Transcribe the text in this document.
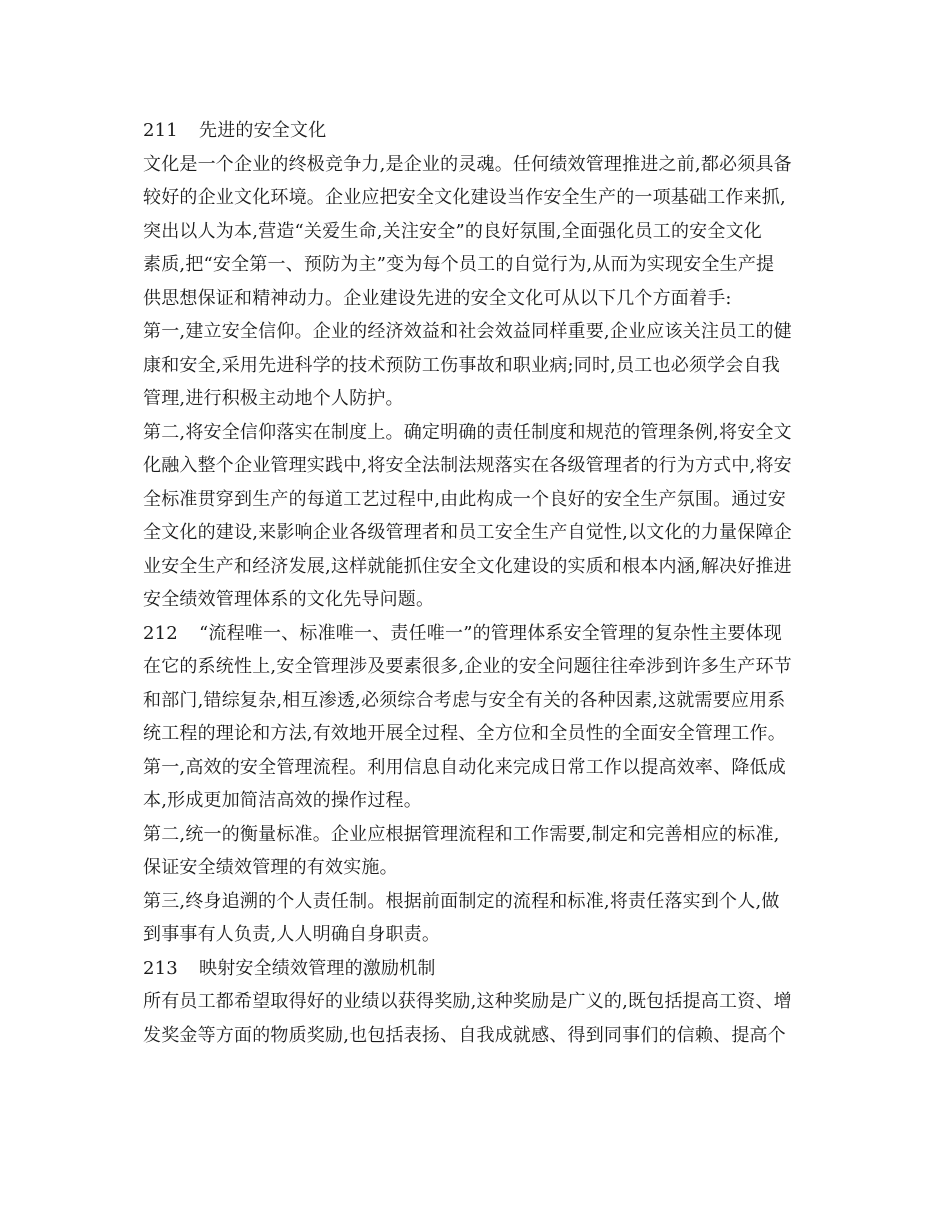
211 先进的安全文化
文化是一个企业的终极竞争力,是企业的灵魂。任何绩效管理推进之前,都必须具备
较好的企业文化环境。企业应把安全文化建设当作安全生产的一项基础工作来抓,
突出以人为本,营造“关爱生命,关注安全”的良好氛围,全面强化员工的安全文化
素质,把“安全第一、预防为主”变为每个员工的自觉行为,从而为实现安全生产提
供思想保证和精神动力。企业建设先进的安全文化可从以下几个方面着手:
第一,建立安全信仰。企业的经济效益和社会效益同样重要,企业应该关注员工的健
康和安全,采用先进科学的技术预防工伤事故和职业病;同时,员工也必须学会自我
管理,进行积极主动地个人防护。
第二,将安全信仰落实在制度上。确定明确的责任制度和规范的管理条例,将安全文
化融入整个企业管理实践中,将安全法制法规落实在各级管理者的行为方式中,将安
全标准贯穿到生产的每道工艺过程中,由此构成一个良好的安全生产氛围。通过安
全文化的建设,来影响企业各级管理者和员工安全生产自觉性,以文化的力量保障企
业安全生产和经济发展,这样就能抓住安全文化建设的实质和根本内涵,解决好推进
安全绩效管理体系的文化先导问题。
212 “流程唯一、标准唯一、责任唯一”的管理体系安全管理的复杂性主要体现
在它的系统性上,安全管理涉及要素很多,企业的安全问题往往牵涉到许多生产环节
和部门,错综复杂,相互渗透,必须综合考虑与安全有关的各种因素,这就需要应用系
统工程的理论和方法,有效地开展全过程、全方位和全员性的全面安全管理工作。
第一,高效的安全管理流程。利用信息自动化来完成日常工作以提高效率、降低成
本,形成更加简洁高效的操作过程。
第二,统一的衡量标准。企业应根据管理流程和工作需要,制定和完善相应的标准,
保证安全绩效管理的有效实施。
第三,终身追溯的个人责任制。根据前面制定的流程和标准,将责任落实到个人,做
到事事有人负责,人人明确自身职责。
213 映射安全绩效管理的激励机制
所有员工都希望取得好的业绩以获得奖励,这种奖励是广义的,既包括提高工资、增
发奖金等方面的物质奖励,也包括表扬、自我成就感、得到同事们的信赖、提高个
